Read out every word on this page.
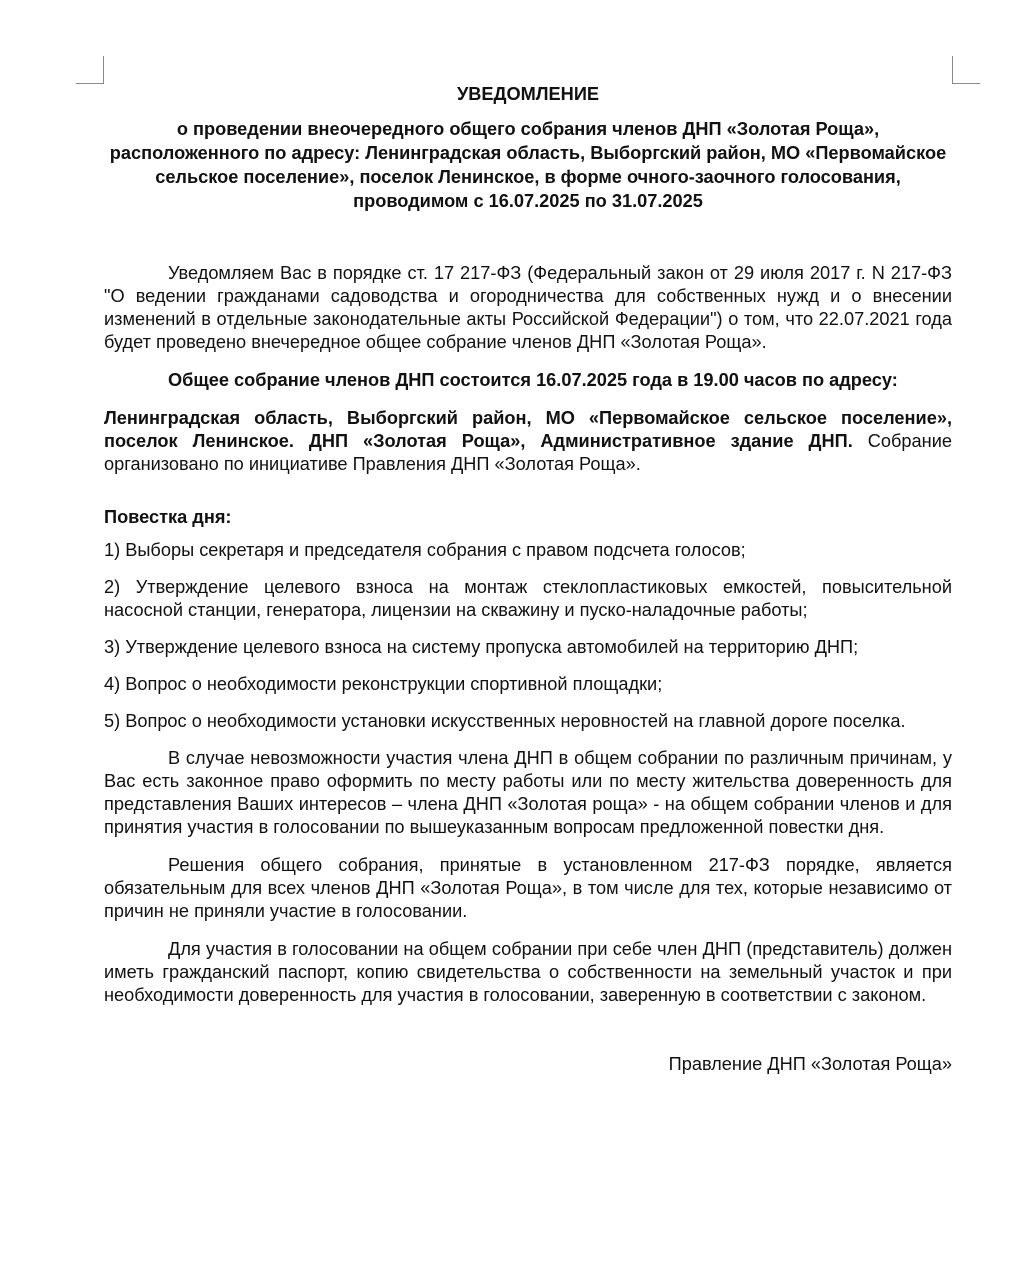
УВЕДОМЛЕНИЕ

о проведении внеочередного общего собрания членов ДНП «Золотая Роща», расположенного по адресу: Ленинградская область, Выборгский район, МО «Первомайское сельское поселение», поселок Ленинское, в форме очного-заочного голосования, проводимом с 16.07.2025 по 31.07.2025

Уведомляем Вас в порядке ст. 17 217-ФЗ (Федеральный закон от 29 июля 2017 г. N 217-ФЗ "О ведении гражданами садоводства и огородничества для собственных нужд и о внесении изменений в отдельные законодательные акты Российской Федерации") о том, что 22.07.2021 года будет проведено внечередное общее собрание членов ДНП «Золотая Роща».

Общее собрание членов ДНП состоится 16.07.2025 года в 19.00 часов по адресу:

Ленинградская область, Выборгский район, МО «Первомайское сельское поселение», поселок Ленинское. ДНП «Золотая Роща», Административное здание ДНП. Собрание организовано по инициативе Правления ДНП «Золотая Роща».

Повестка дня:

1) Выборы секретаря и председателя собрания с правом подсчета голосов;

2) Утверждение целевого взноса на монтаж стеклопластиковых емкостей, повысительной насосной станции, генератора, лицензии на скважину и пуско-наладочные работы;

3) Утверждение целевого взноса на систему пропуска автомобилей на территорию ДНП;

4) Вопрос о необходимости реконструкции спортивной площадки;

5) Вопрос о необходимости установки искусственных неровностей на главной дороге поселка.

В случае невозможности участия члена ДНП в общем собрании по различным причинам, у Вас есть законное право оформить по месту работы или по месту жительства доверенность для представления Ваших интересов – члена ДНП «Золотая роща» - на общем собрании членов и для принятия участия в голосовании по вышеуказанным вопросам предложенной повестки дня.

Решения общего собрания, принятые в установленном 217-ФЗ порядке, является обязательным для всех членов ДНП «Золотая Роща», в том числе для тех, которые независимо от причин не приняли участие в голосовании.

Для участия в голосовании на общем собрании при себе член ДНП (представитель) должен иметь гражданский паспорт, копию свидетельства о собственности на земельный участок и при необходимости доверенность для участия в голосовании, заверенную в соответствии с законом.

Правление ДНП «Золотая Роща»
